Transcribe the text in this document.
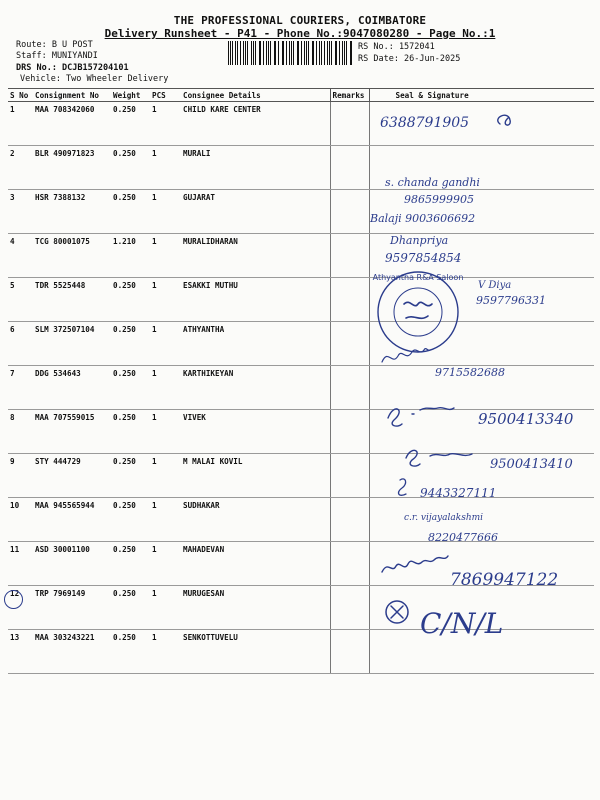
THE PROFESSIONAL COURIERS, COIMBATORE
Delivery Runsheet - P41 - Phone No.:9047080280 - Page No.:1
Route: B U POST
Staff: MUNIYANDI
DRS No.: DCJB157204101
Vehicle: Two Wheeler Delivery
RS No.: 1572041
RS Date: 26-Jun-2025
S No	Consignment No	Weight	PCS	Consignee Details	Remarks	Seal & Signature
1	MAA 708342060	0.250	1	CHILD KARE CENTER		
2	BLR 490971823	0.250	1	MURALI		
3	HSR 7388132	0.250	1	GUJARAT		
4	TCG 80001075	1.210	1	MURALIDHARAN		
5	TDR 5525448	0.250	1	ESAKKI MUTHU		
6	SLM 372507104	0.250	1	ATHYANTHA		
7	DDG 534643	0.250	1	KARTHIKEYAN		
8	MAA 707559015	0.250	1	VIVEK		
9	STY 444729	0.250	1	M MALAI KOVIL		
10	MAA 945565944	0.250	1	SUDHAKAR		
11	ASD 30001100	0.250	1	MAHADEVAN		
12	TRP 7969149	0.250	1	MURUGESAN		
13	MAA 303243221	0.250	1	SENKOTTUVELU		
6388791905
s. chanda gandhi
9865999905
Balaji 9003606692
Dhanpriya
9597854854
V Diya
9597796331
9715582688
9500413340
9500413410
9443327111
c.r. vijayalakshmi
8220477666
7869947122
C/N/L
Athyantha R&A Saloon
